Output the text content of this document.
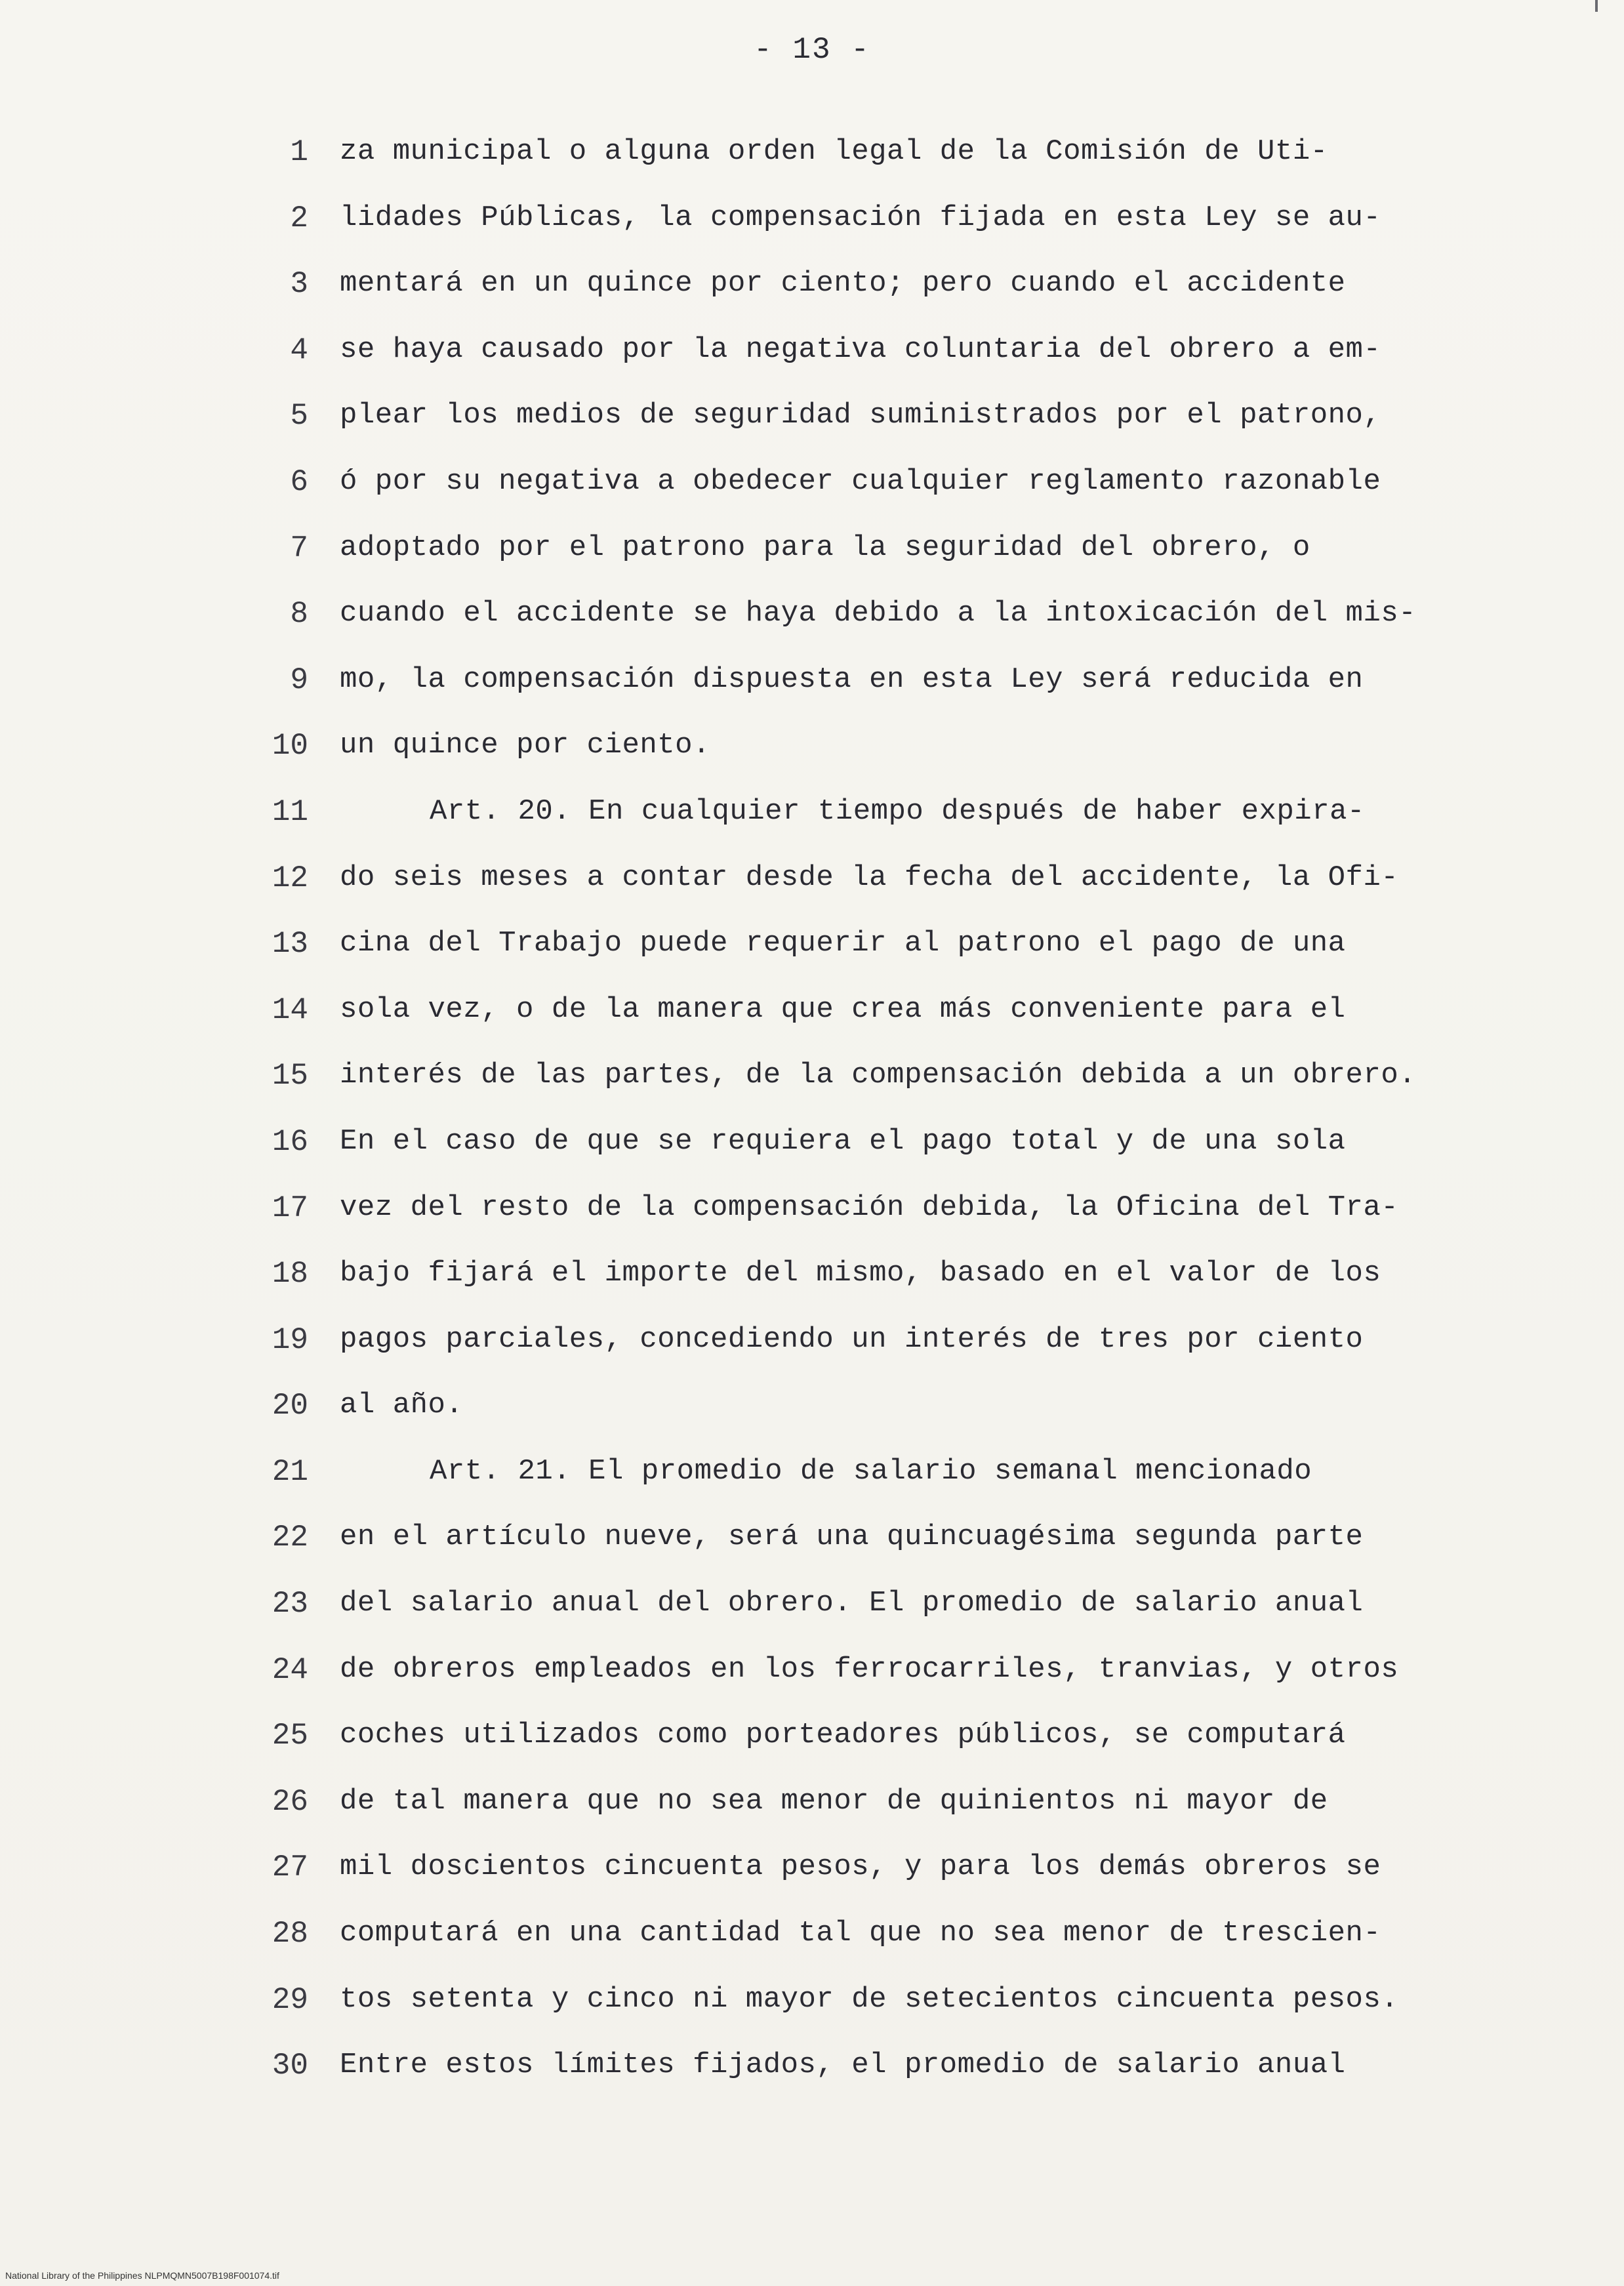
- 13 -
1 za municipal o alguna orden legal de la Comisión de Uti-
2 lidades Públicas, la compensación fijada en esta Ley se au-
3 mentará en un quince por ciento; pero cuando el accidente
4 se haya causado por la negativa coluntaria del obrero a em-
5 plear los medios de seguridad suministrados por el patrono,
6 ó por su negativa a obedecer cualquier reglamento razonable
7 adoptado por el patrono para la seguridad del obrero, o
8 cuando el accidente se haya debido a la intoxicación del mis-
9 mo, la compensación dispuesta en esta Ley será reducida en
10 un quince por ciento.
11	Art. 20. En cualquier tiempo después de haber expira-
12 do seis meses a contar desde la fecha del accidente, la Ofi-
13 cina del Trabajo puede requerir al patrono el pago de una
14 sola vez, o de la manera que crea más conveniente para el
15 interés de las partes, de la compensación debida a un obrero.
16 En el caso de que se requiera el pago total y de una sola
17 vez del resto de la compensación debida, la Oficina del Tra-
18 bajo fijará el importe del mismo, basado en el valor de los
19 pagos parciales, concediendo un interés de tres por ciento
20 al año.
21	Art. 21. El promedio de salario semanal mencionado
22 en el artículo nueve, será una quincuagésima segunda parte
23 del salario anual del obrero. El promedio de salario anual
24 de obreros empleados en los ferrocarriles, tranvias, y otros
25 coches utilizados como porteadores públicos, se computará
26 de tal manera que no sea menor de quinientos ni mayor de
27 mil doscientos cincuenta pesos, y para los demás obreros se
28 computará en una cantidad tal que no sea menor de trescien-
29 tos setenta y cinco ni mayor de setecientos cincuenta pesos.
30 Entre estos límites fijados, el promedio de salario anual
National Library of the Philippines NLPMQMN5007B198F001074.tif
